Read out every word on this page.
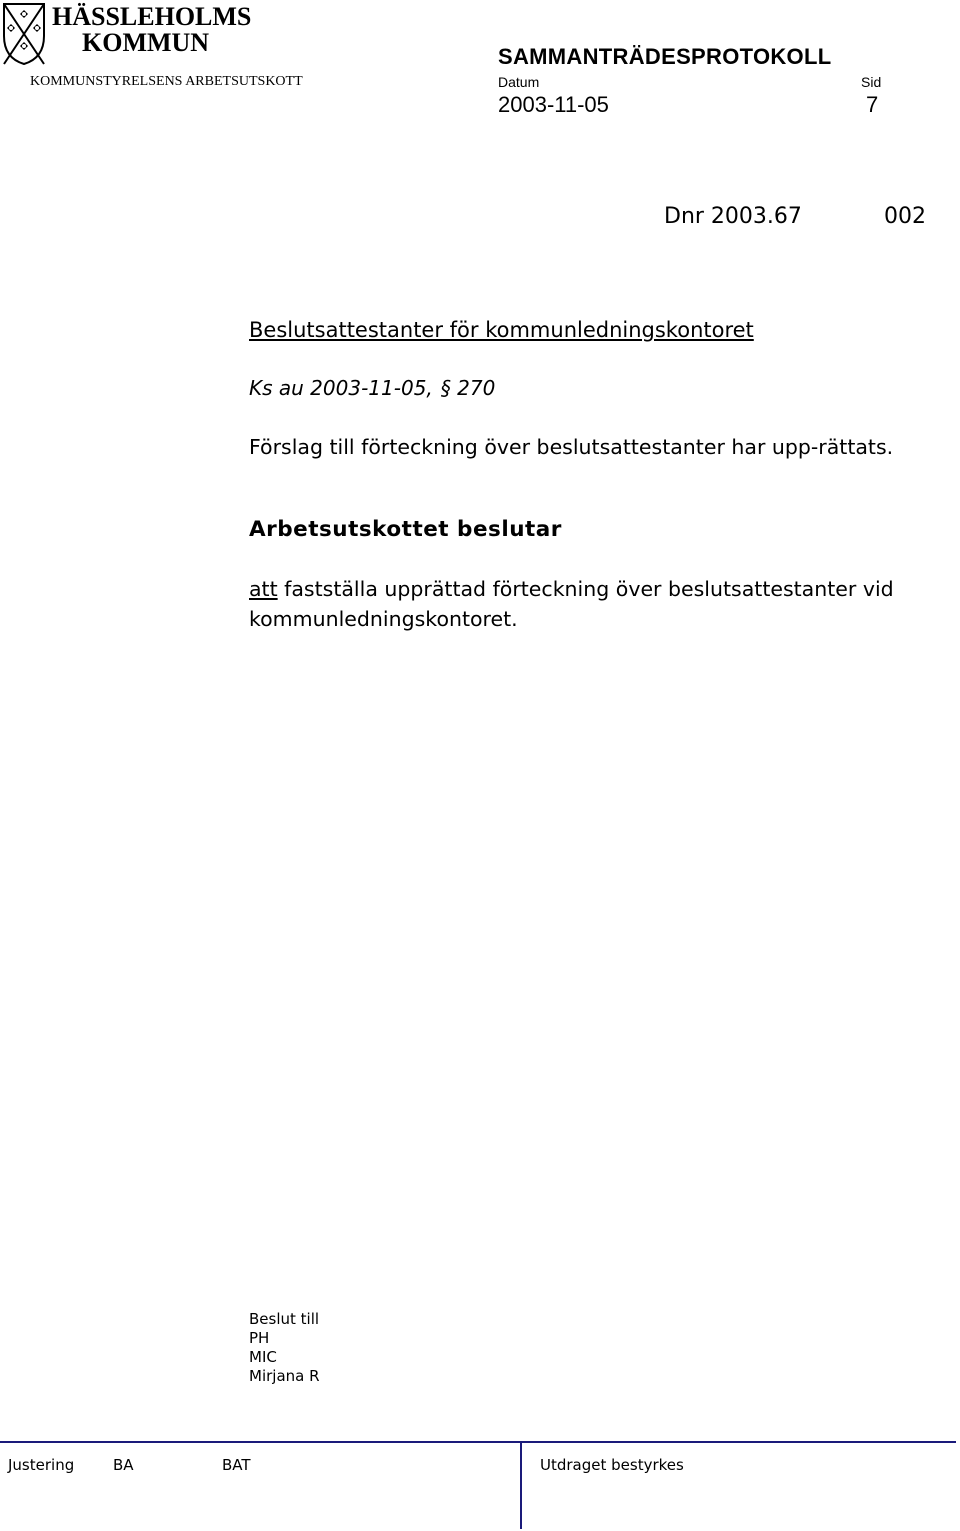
HÄSSLEHOLMS
KOMMUN
KOMMUNSTYRELSENS ARBETSUTSKOTT
SAMMANTRÄDESPROTOKOLL
Datum	Sid
2003-11-05	7
Dnr 2003.67	002
Beslutsattestanter för kommunledningskontoret
Ks au 2003-11-05, § 270
Förslag till förteckning över beslutsattestanter har upp-rättats.
Arbetsutskottet beslutar
att fastställa upprättad förteckning över beslutsattestanter vid kommunledningskontoret.
Beslut till
PH
MIC
Mirjana R
Justering	BA	BAT	Utdraget bestyrkes
